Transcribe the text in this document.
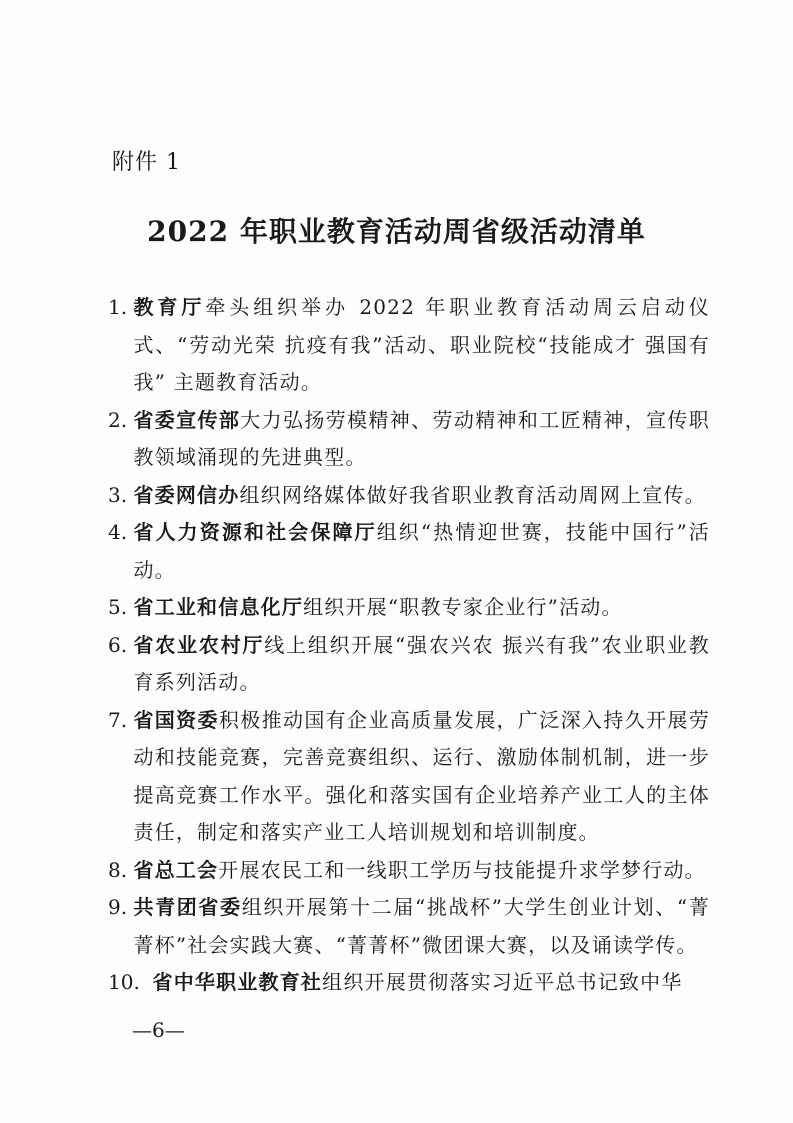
附件 1
2022 年职业教育活动周省级活动清单
1. 教育厅牵头组织举办 2022 年职业教育活动周云启动仪式、“劳动光荣 抗疫有我”活动、职业院校“技能成才 强国有我” 主题教育活动。
2. 省委宣传部大力弘扬劳模精神、劳动精神和工匠精神，宣传职教领域涌现的先进典型。
3. 省委网信办组织网络媒体做好我省职业教育活动周网上宣传。
4. 省人力资源和社会保障厅组织“热情迎世赛，技能中国行”活动。
5. 省工业和信息化厅组织开展“职教专家企业行”活动。
6. 省农业农村厅线上组织开展“强农兴农 振兴有我”农业职业教育系列活动。
7. 省国资委积极推动国有企业高质量发展，广泛深入持久开展劳动和技能竞赛，完善竞赛组织、运行、激励体制机制，进一步提高竞赛工作水平。强化和落实国有企业培养产业工人的主体责任，制定和落实产业工人培训规划和培训制度。
8. 省总工会开展农民工和一线职工学历与技能提升求学梦行动。
9. 共青团省委组织开展第十二届“挑战杯”大学生创业计划、“菁菁杯”社会实践大赛、“菁菁杯”微团课大赛，以及诵读学传。
10. 省中华职业教育社组织开展贯彻落实习近平总书记致中华
—6—
